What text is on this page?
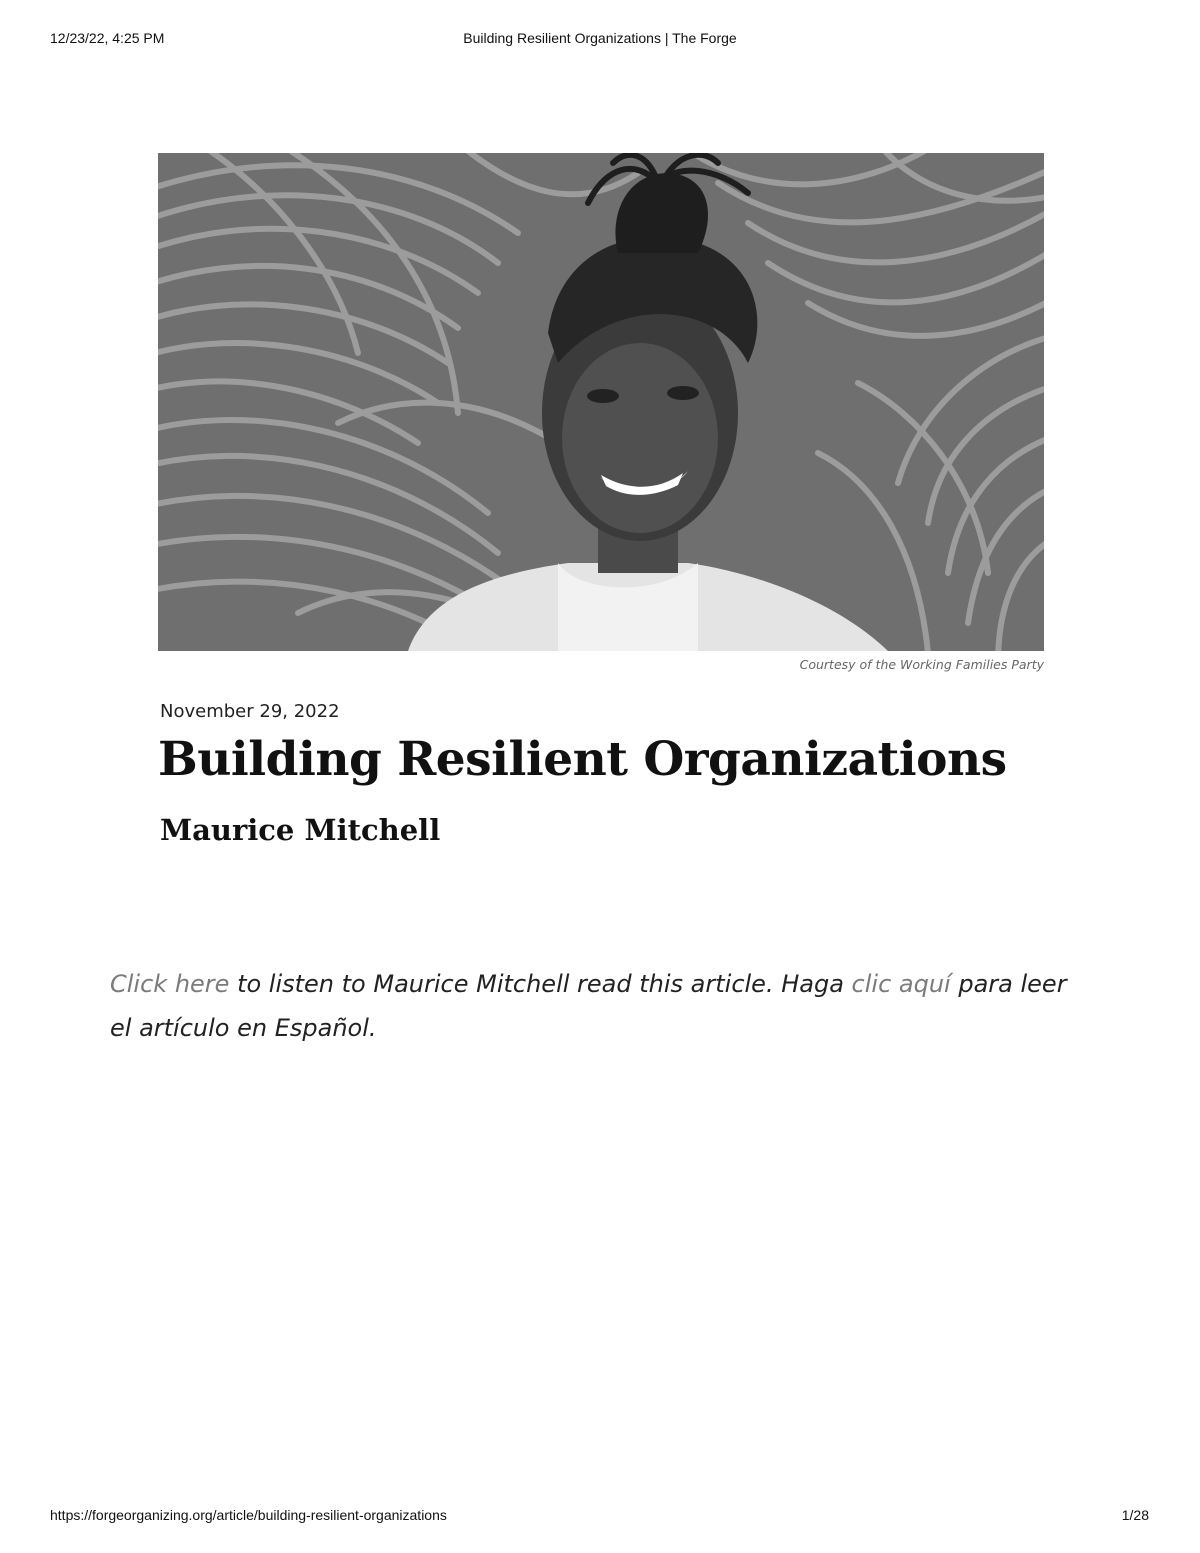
12/23/22, 4:25 PM	Building Resilient Organizations | The Forge
Courtesy of the Working Families Party
November 29, 2022
Building Resilient Organizations
Maurice Mitchell

Click here to listen to Maurice Mitchell read this article. Haga clic aquí para leer el artículo en Español.

https://forgeorganizing.org/article/building-resilient-organizations	1/28
